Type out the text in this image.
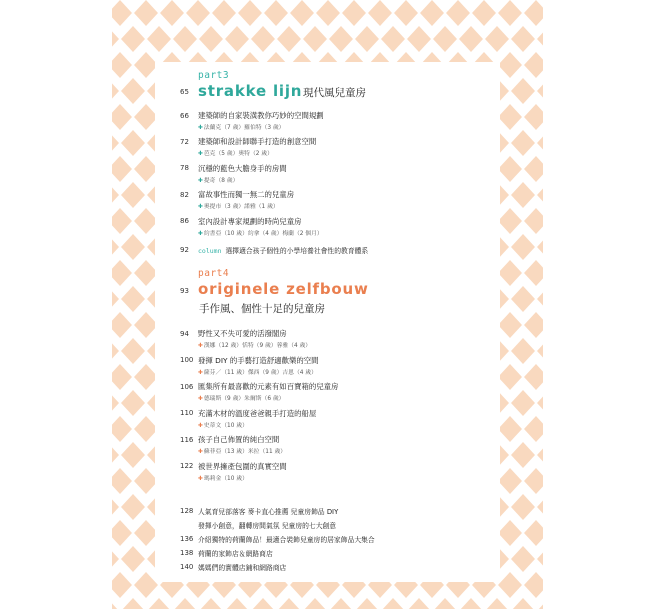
part3
65 strakke lijn 現代風兒童房
66 建築師的自家裝潢教你巧妙的空間規劃
✚法蘭克（7 歲）羅伯特（3 歲）
72 建築師和設計師聯手打造的創意空間
✚芭克（5 歲）奧特（2 歲）
78 沉穩的藍色大膽身手的房間
✚提奇（8 歲）
82 富故事性而獨一無二的兒童房
✚奧提市（3 歲）諾雅（1 歲）
86 室內設計專家規劃的時尚兒童房
✚約書亞（10 歲）約拿（4 歲）梅蘭（2 個月）
92 column 選擇適合孩子個性的小學培養社會性的教育體系
part4
93 originele zelfbouw
手作風、個性十足的兒童房
94 野性又不失可愛的活潑閣房
✚漢娜（12 歲）恬特（9 歲）蓉雅（4 歲）
100 發揮 DIY 的手藝打造舒適歡樂的空間
✚薩芬／（11 歲）傑西（9 歲）吉恩（4 歲）
106 匯集所有最喜歡的元素有如百寶箱的兒童房
✚德瑞斯（9 歲）朱爾斯（6 歲）
110 充滿木材的溫度爸爸親手打造的船屋
✚史蒂文（10 歲）
116 孩子自己佈置的純白空間
✚蘇菲亞（13 歲）米拉（11 歲）
122 被世界擁產包圍的真實空間
✚瑪莉金（10 歲）
128 人氣育兒部落客 麥卡直心推薦 兒童房飾品 DIY
發揮小創意，翻轉房間氣氛 兒童房的七大創意
136 介紹獨特的荷蘭飾品！最適合裝飾兒童房的居家飾品大集合
138 荷蘭的家飾店＆網路商店
140 媽媽們的實體店鋪和網路商店
